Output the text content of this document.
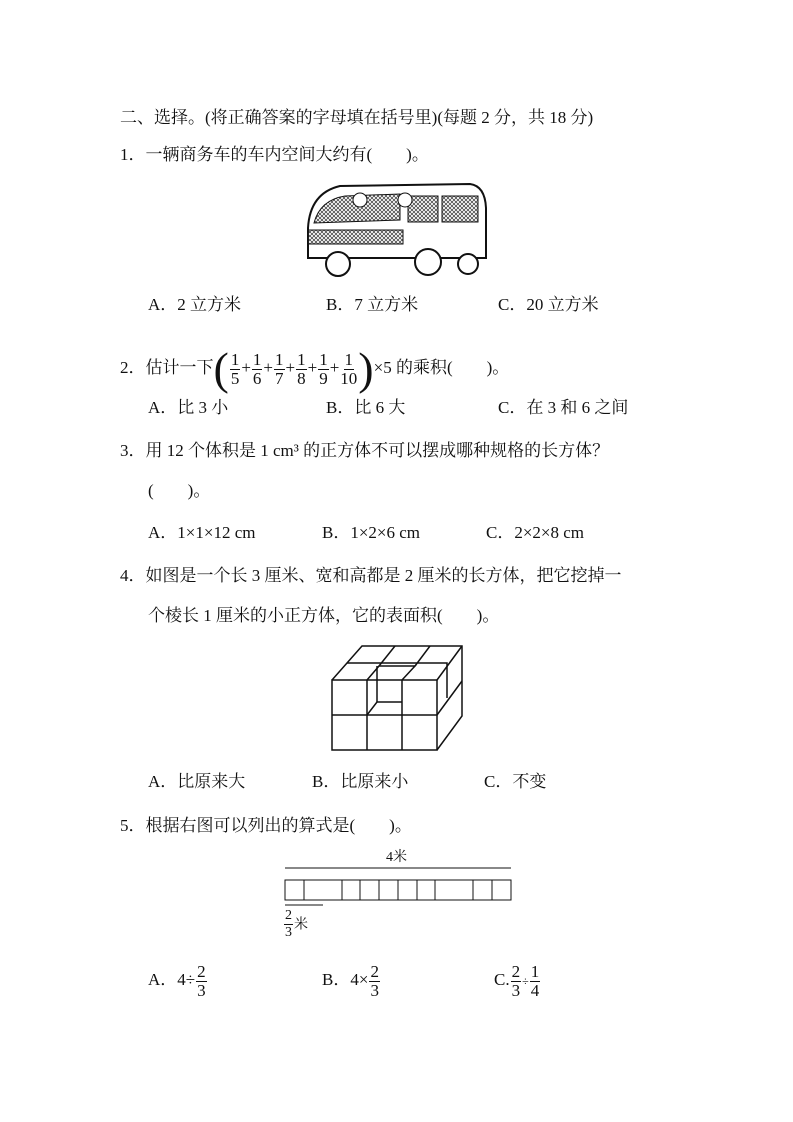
二、选择。(将正确答案的字母填在括号里)(每题 2 分，共 18 分)
1．一辆商务车的车内空间大约有(　　)。
A．2 立方米	B．7 立方米	C．20 立方米
2．估计一下( $\frac{1}{5} + \frac{1}{6} + \frac{1}{7} + \frac{1}{8} + \frac{1}{9} + \frac{1}{10} )\times 5$ 的乘积(　　)。
A．比 3 小	B．比 6 大	C．在 3 和 6 之间
3．用 12 个体积是 1 cm³ 的正方体不可以摆成哪种规格的长方体？
(　　)。
A．1×1×12 cm	B．1×2×6 cm	C．2×2×8 cm
4．如图是一个长 3 厘米、宽和高都是 2 厘米的长方体，把它挖掉一
个棱长 1 厘米的小正方体，它的表面积(　　)。
A．比原来大	B．比原来小	C．不变
5．根据右图可以列出的算式是(　　)。
4米
$\frac{2}{3}$ 米
A．$4\div \frac{2}{3}$	B．$4\times \frac{2}{3}$	C. $\frac{2}{3} \div \frac{1}{4}$
